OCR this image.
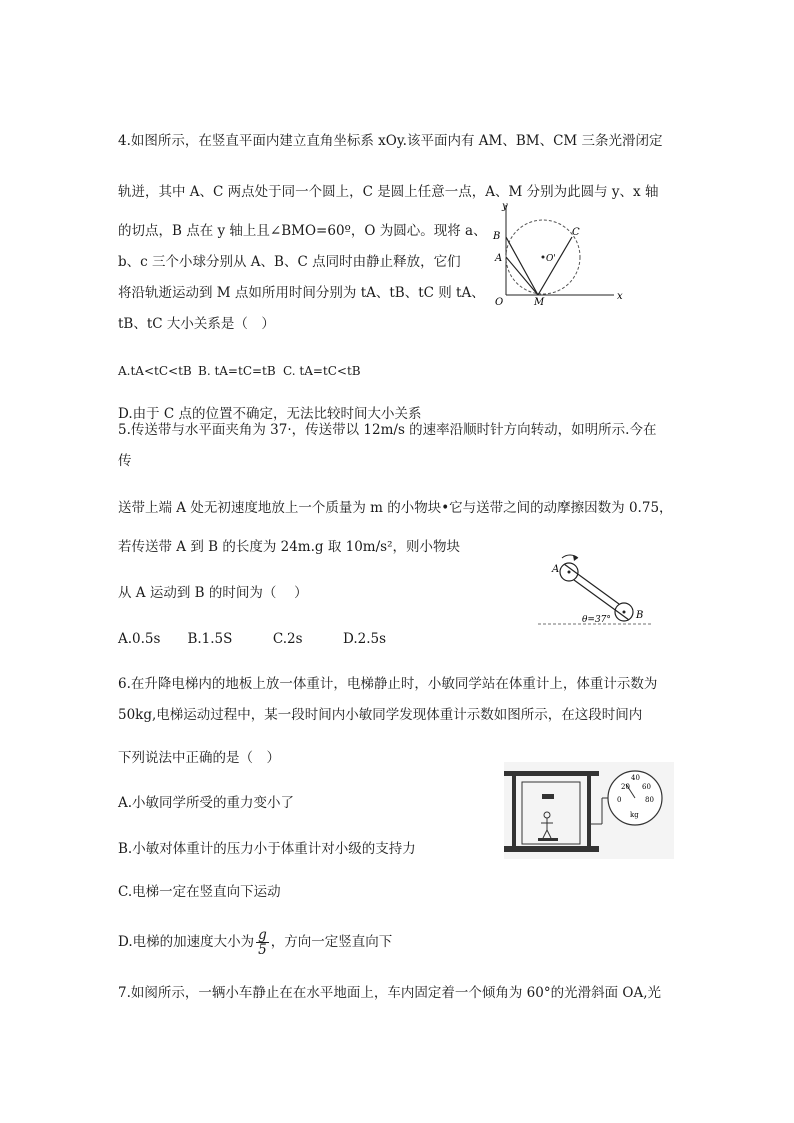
4.如图所示，在竖直平面内建立直角坐标系 xOy.该平面内有 AM、BM、CM 三条光滑闭定
轨迸，其中 A、C 两点处于同一个圆上，C 是圆上任意一点，A、M 分别为此圆与 y、x 轴
的切点，B 点在 y 轴上且∠BMO=60º，O 为圆心。现将 a、
b、c 三个小球分别从 A、B、C 点同时由静止释放，它们
将沿轨逝运动到 M 点如所用时间分别为 tA、tB、tC 则 tA、
tB、tC 大小关系是（　）
A.tA<tC<tB B. tA=tC=tB C. tA=tC<tB
D.由于 C 点的位置不确定，无法比较时间大小关系
y
x
B
A
C
O	M
O'
5.传送带与水平面夹角为 37·，传送带以 12m/s 的速率沿顺时针方向转动，如明所示.今在
传
送带上端 A 处无初速度地放上一个质量为 m 的小物块•它与送带之间的动摩擦因数为 0.75，
若传送带 A 到 B 的长度为 24m.g 取 10m/s²，则小物块
从 A 运动到 B 的时间为（　 ）
A.0.5s　　B.1.5S　　　C.2s　　　D.2.5s
A
B
θ=37°
6.在升降电梯内的地板上放一体重计，电梯静止时，小敏同学站在体重计上，体重计示数为
50kg,电梯运动过程中，某一段时间内小敏同学发现体重计示数如图所示，在这段时间内
下列说法中正确的是（　）
A.小敏同学所受的重力变小了
B.小敏对体重计的压力小于体重计对小级的支持力
C.电梯一定在竖直向下运动
D.电梯的加速度大小为 $\frac{g}{5}$ ，方向一定竖直向下
0
20
40
60
80
kg
7.如阂所示，一辆小车静止在在水平地面上，车内固定着一个倾角为 60°的光滑斜面 OA,光
